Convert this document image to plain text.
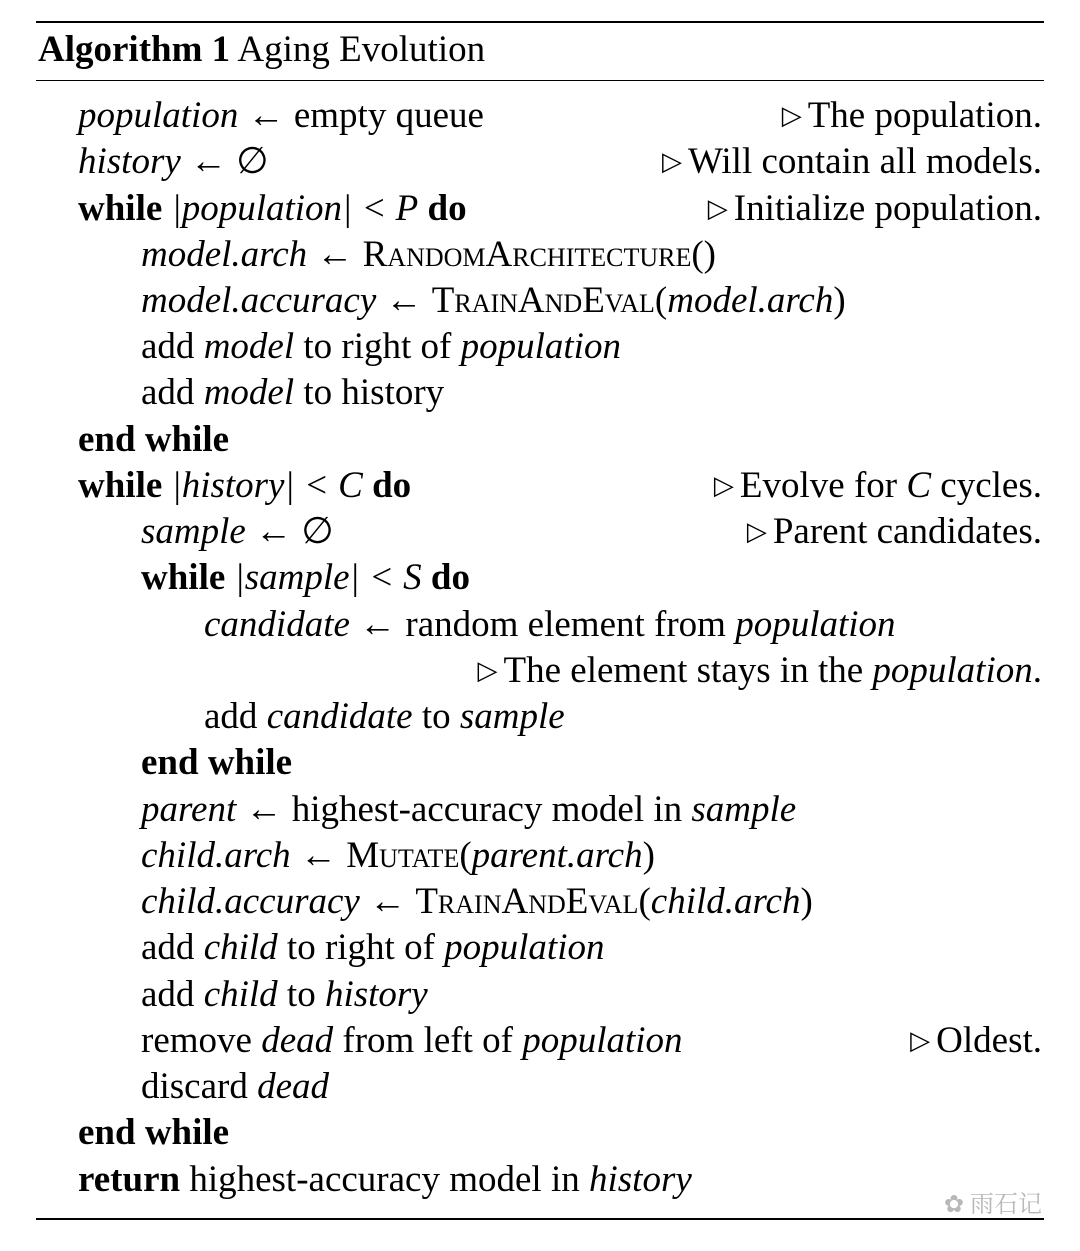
Algorithm 1 Aging Evolution
population ← empty queue	▷ The population.
history ← ∅	▷ Will contain all models.
while |population| < P do	▷ Initialize population.
model.arch ← RandomArchitecture()
model.accuracy ← TrainAndEval(model.arch)
add model to right of population
add model to history
end while
while |history| < C do	▷ Evolve for C cycles.
sample ← ∅	▷ Parent candidates.
while |sample| < S do
candidate ← random element from population
▷ The element stays in the population.
add candidate to sample
end while
parent ← highest-accuracy model in sample
child.arch ← Mutate(parent.arch)
child.accuracy ← TrainAndEval(child.arch)
add child to right of population
add child to history
remove dead from left of population	▷ Oldest.
discard dead
end while
return highest-accuracy model in history
✿ 雨石记
